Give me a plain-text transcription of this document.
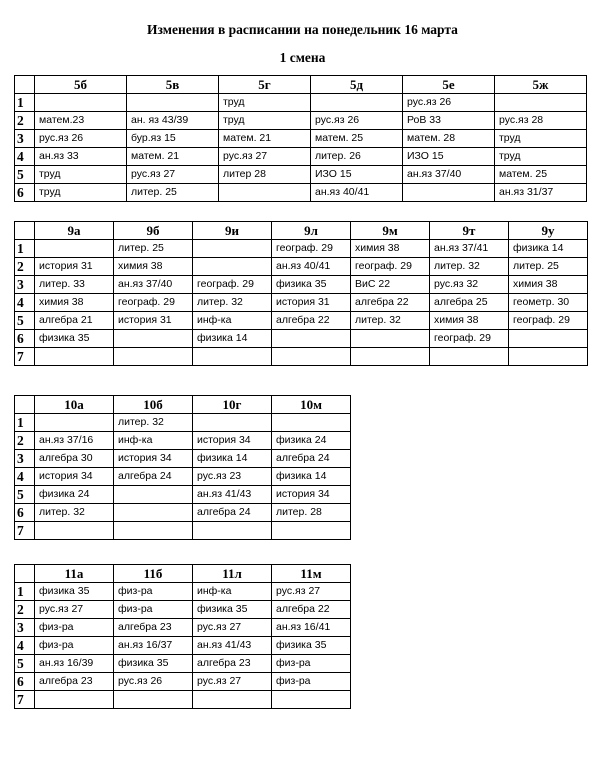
Изменения в расписании на понедельник 16 марта
1 смена
	5б	5в	5г	5д	5е	5ж
1			труд		рус.яз 26	
2	матем.23	ан. яз 43/39	труд	рус.яз 26	РоВ 33	рус.яз 28
3	рус.яз 26	бур.яз 15	матем. 21	матем. 25	матем. 28	труд
4	ан.яз 33	матем. 21	рус.яз 27	литер. 26	ИЗО 15	труд
5	труд	рус.яз 27	литер 28	ИЗО 15	ан.яз 37/40	матем. 25
6	труд	литер. 25		ан.яз 40/41		ан.яз 31/37
	9а	9б	9и	9л	9м	9т	9у
1		литер. 25		географ. 29	химия 38	ан.яз 37/41	физика 14
2	история 31	химия 38		ан.яз 40/41	географ. 29	литер. 32	литер. 25
3	литер. 33	ан.яз 37/40	географ. 29	физика 35	ВиС 22	рус.яз 32	химия 38
4	химия 38	географ. 29	литер. 32	история 31	алгебра 22	алгебра 25	геометр. 30
5	алгебра 21	история 31	инф-ка	алгебра 22	литер. 32	химия 38	географ. 29
6	физика 35		физика 14			географ. 29	
7							
	10а	10б	10г	10м
1		литер. 32		
2	ан.яз 37/16	инф-ка	история 34	физика 24
3	алгебра 30	история 34	физика 14	алгебра 24
4	история 34	алгебра 24	рус.яз 23	физика 14
5	физика 24		ан.яз 41/43	история 34
6	литер. 32		алгебра 24	литер. 28
7				
	11а	11б	11л	11м
1	физика 35	физ-ра	инф-ка	рус.яз 27
2	рус.яз 27	физ-ра	физика 35	алгебра 22
3	физ-ра	алгебра 23	рус.яз 27	ан.яз 16/41
4	физ-ра	ан.яз 16/37	ан.яз 41/43	физика 35
5	ан.яз 16/39	физика 35	алгебра 23	физ-ра
6	алгебра 23	рус.яз 26	рус.яз 27	физ-ра
7				
